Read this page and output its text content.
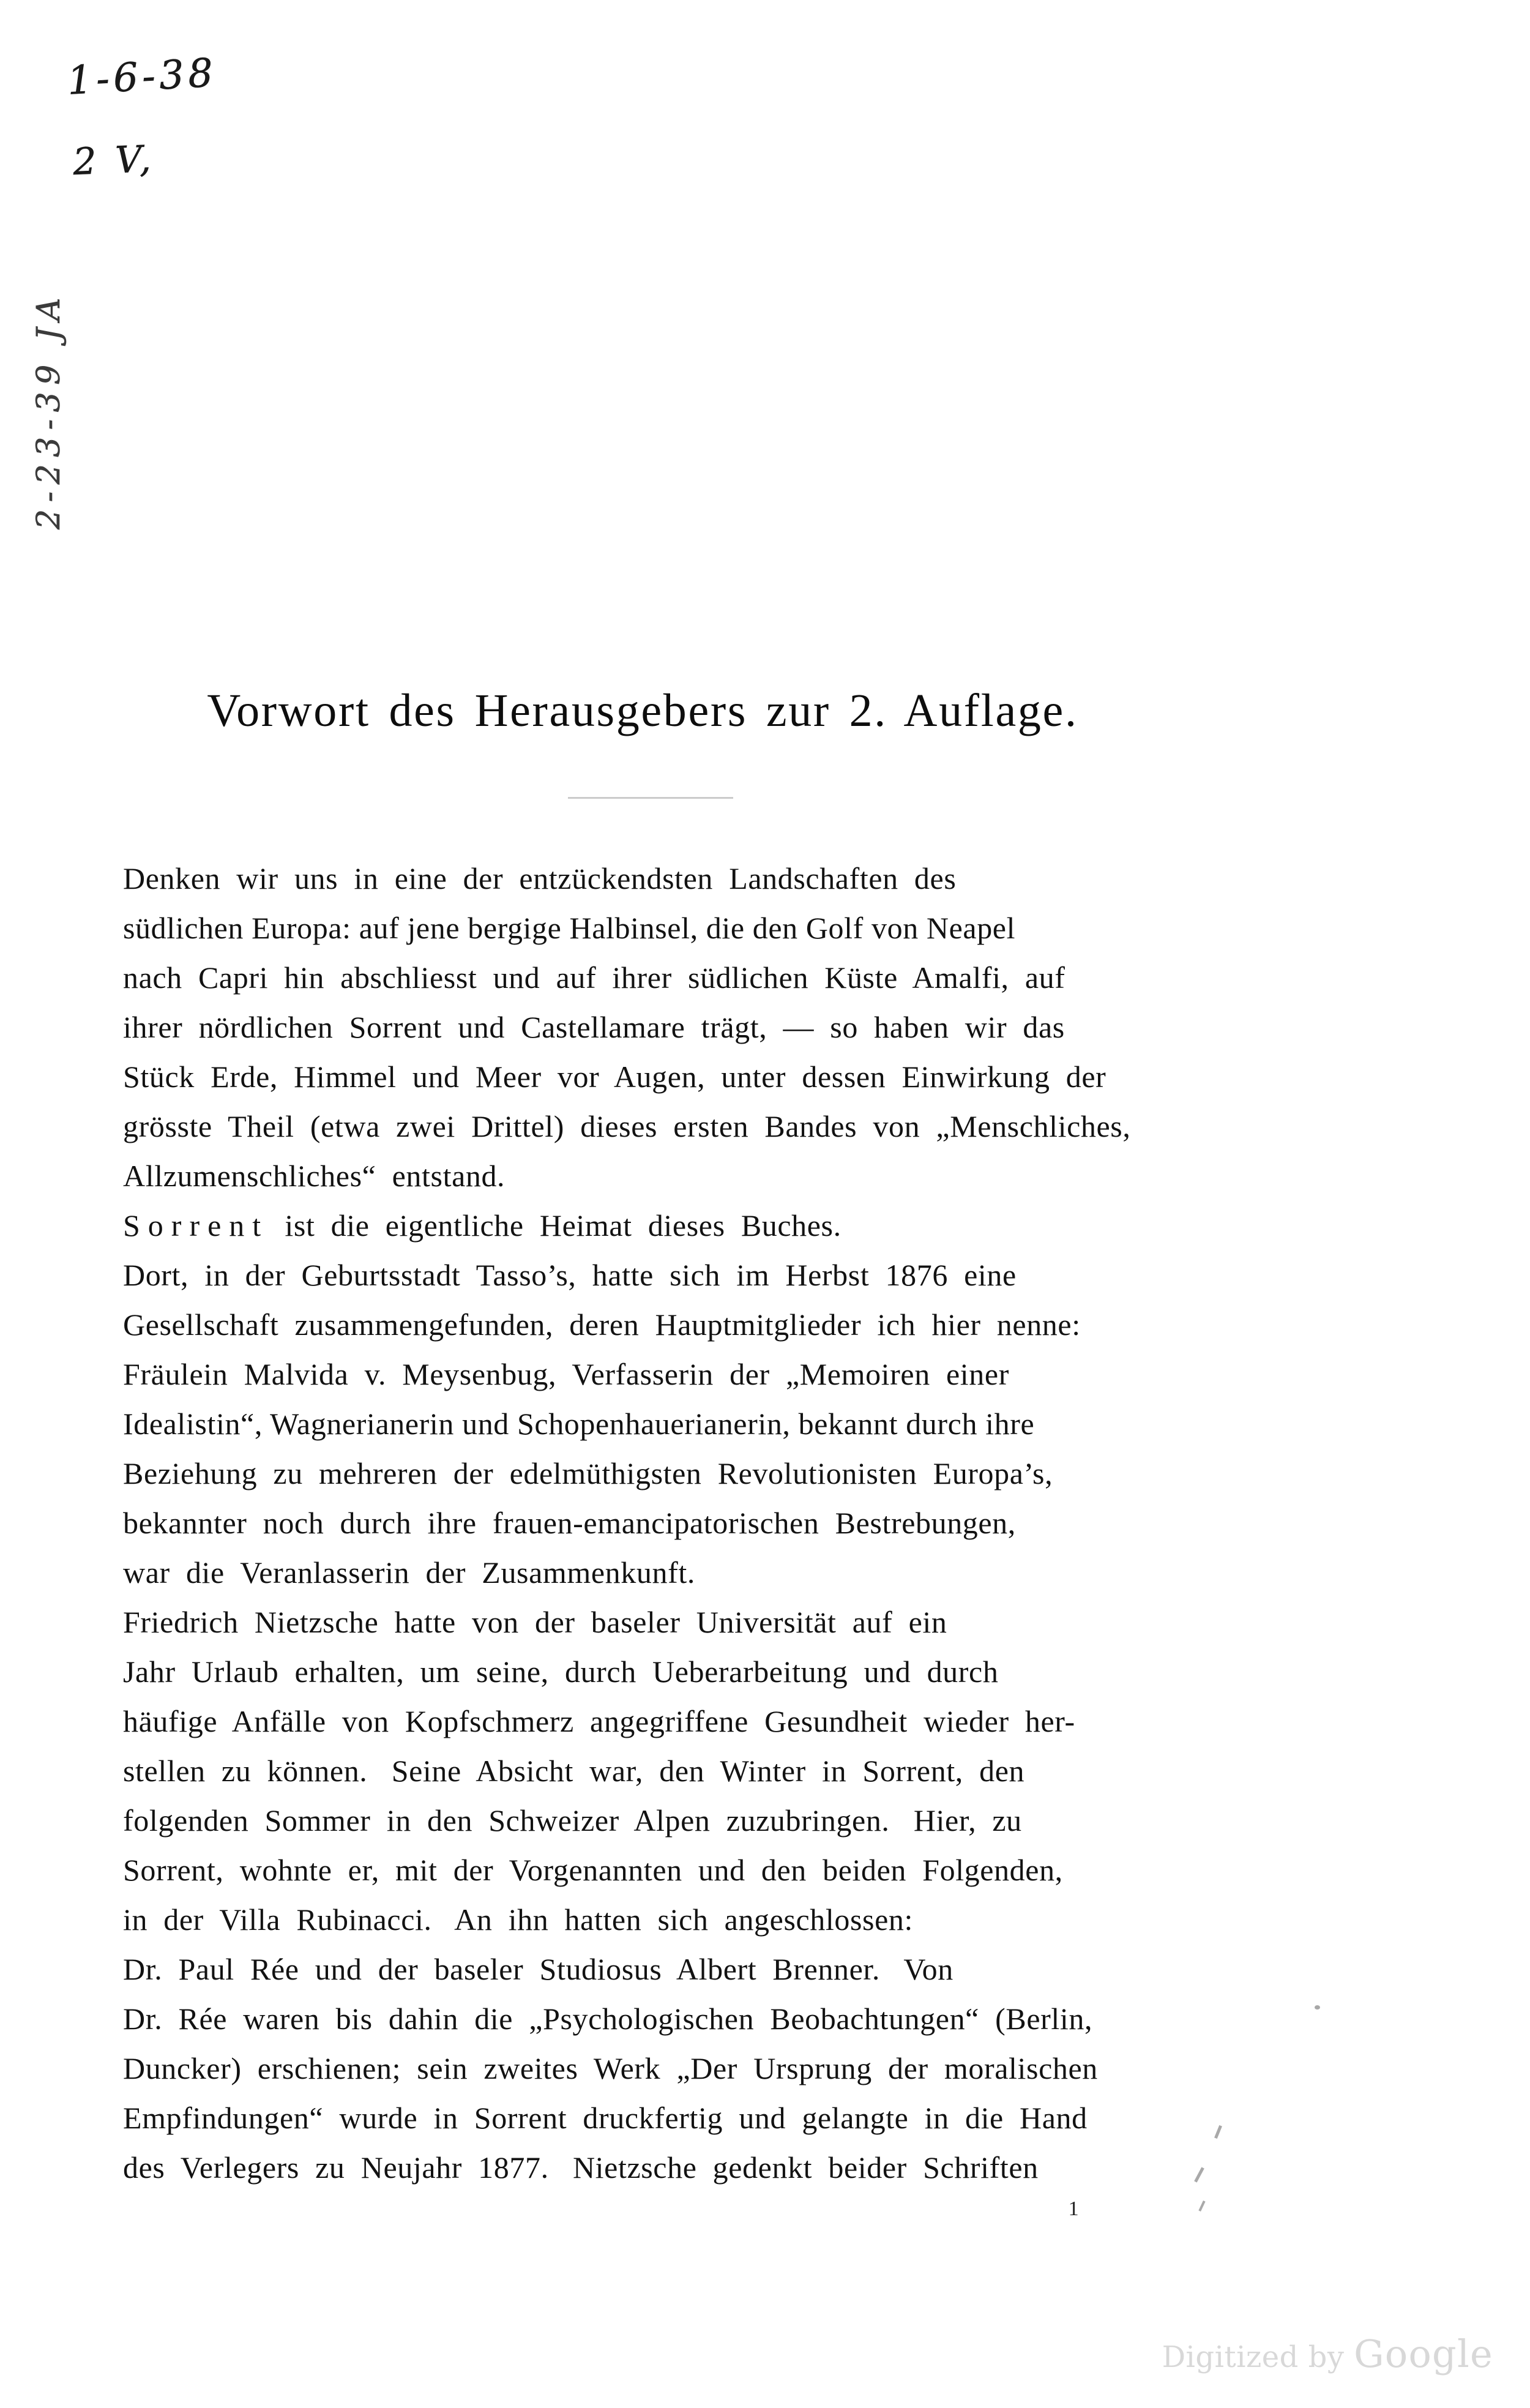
1-6-38
2 V,
2-23-39 JA
Vorwort des Herausgebers zur 2. Auflage.
Denken  wir  uns  in  eine  der  entzückendsten  Landschaften  des
südlichen Europa: auf jene bergige Halbinsel, die den Golf von Neapel
nach  Capri  hin  abschliesst  und  auf  ihrer  südlichen  Küste  Amalfi,  auf
ihrer  nördlichen  Sorrent  und  Castellamare  trägt,  —  so  haben  wir  das
Stück  Erde,  Himmel  und  Meer  vor  Augen,  unter  dessen  Einwirkung  der
grösste  Theil  (etwa  zwei  Drittel)  dieses  ersten  Bandes  von  „Menschliches,
Allzumenschliches“  entstand.
Sorrent  ist  die  eigentliche  Heimat  dieses  Buches.
Dort,  in  der  Geburtsstadt  Tasso’s,  hatte  sich  im  Herbst  1876  eine
Gesellschaft  zusammengefunden,  deren  Hauptmitglieder  ich  hier  nenne:
Fräulein  Malvida  v.  Meysenbug,  Verfasserin  der  „Memoiren  einer
Idealistin“, Wagnerianerin und Schopenhauerianerin, bekannt durch ihre
Beziehung  zu  mehreren  der  edelmüthigsten  Revolutionisten  Europa’s,
bekannter  noch  durch  ihre  frauen-emancipatorischen  Bestrebungen,
war  die  Veranlasserin  der  Zusammenkunft.
Friedrich  Nietzsche  hatte  von  der  baseler  Universität  auf  ein
Jahr  Urlaub  erhalten,  um  seine,  durch  Ueberarbeitung  und  durch
häufige  Anfälle  von  Kopfschmerz  angegriffene  Gesundheit  wieder  her-
stellen  zu  können.   Seine  Absicht  war,  den  Winter  in  Sorrent,  den
folgenden  Sommer  in  den  Schweizer  Alpen  zuzubringen.   Hier,  zu
Sorrent,  wohnte  er,  mit  der  Vorgenannten  und  den  beiden  Folgenden,
in  der  Villa  Rubinacci.   An  ihn  hatten  sich  angeschlossen:
Dr.  Paul  Rée  und  der  baseler  Studiosus  Albert  Brenner.   Von
Dr.  Rée  waren  bis  dahin  die  „Psychologischen  Beobachtungen“  (Berlin,
Duncker)  erschienen;  sein  zweites  Werk  „Der  Ursprung  der  moralischen
Empfindungen“  wurde  in  Sorrent  druckfertig  und  gelangte  in  die  Hand
des  Verlegers  zu  Neujahr  1877.   Nietzsche  gedenkt  beider  Schriften
1
Digitized by Google
